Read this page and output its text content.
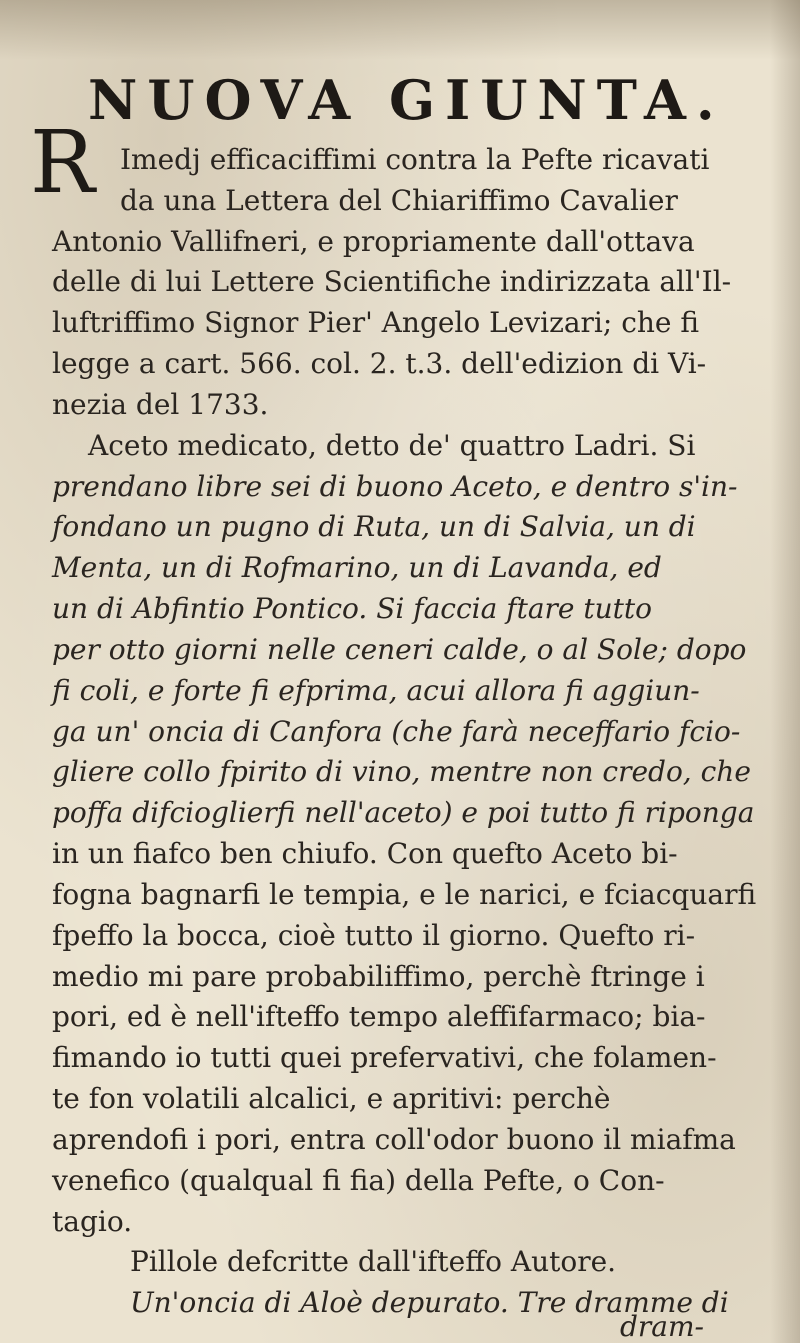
NUOVA GIUNTA.
R Imedj efficaciffimi contra la Pefte ricavati
da una Lettera del Chiariffimo Cavalier
Antonio Vallifneri, e propriamente dall'ottava
delle di lui Lettere Scientifiche indirizzata all'Il-
luftriffimo Signor Pier' Angelo Levizari; che fi
legge a cart. 566. col. 2. t.3. dell'edizion di Vi-
nezia del 1733.
Aceto medicato, detto de' quattro Ladri. Si
prendano libre sei di buono Aceto, e dentro s'in-
fondano un pugno di Ruta, un di Salvia, un di
Menta, un di Rofmarino, un di Lavanda, ed
un di Abfintio Pontico. Si faccia ftare tutto
per otto giorni nelle ceneri calde, o al Sole; dopo
fi coli, e forte fi efprima, acui allora fi aggiun-
ga un' oncia di Canfora (che farà neceffario fcio-
gliere collo fpirito di vino, mentre non credo, che
poffa difcioglierfi nell'aceto) e poi tutto fi riponga
in un fiafco ben chiufo. Con quefto Aceto bi-
fogna bagnarfi le tempia, e le narici, e fciacquarfi
fpeffo la bocca, cioè tutto il giorno. Quefto ri-
medio mi pare probabiliffimo, perchè ftringe i
pori, ed è nell'ifteffo tempo aleffifarmaco; bia-
fimando io tutti quei prefervativi, che folamen-
te fon volatili alcalici, e apritivi: perchè
aprendofi i pori, entra coll'odor buono il miafma
venefico (qualqual fi fia) della Pefte, o Con-
tagio.
Pillole defcritte dall'ifteffo Autore.
Un'oncia di Aloè depurato. Tre dramme di
dram-
